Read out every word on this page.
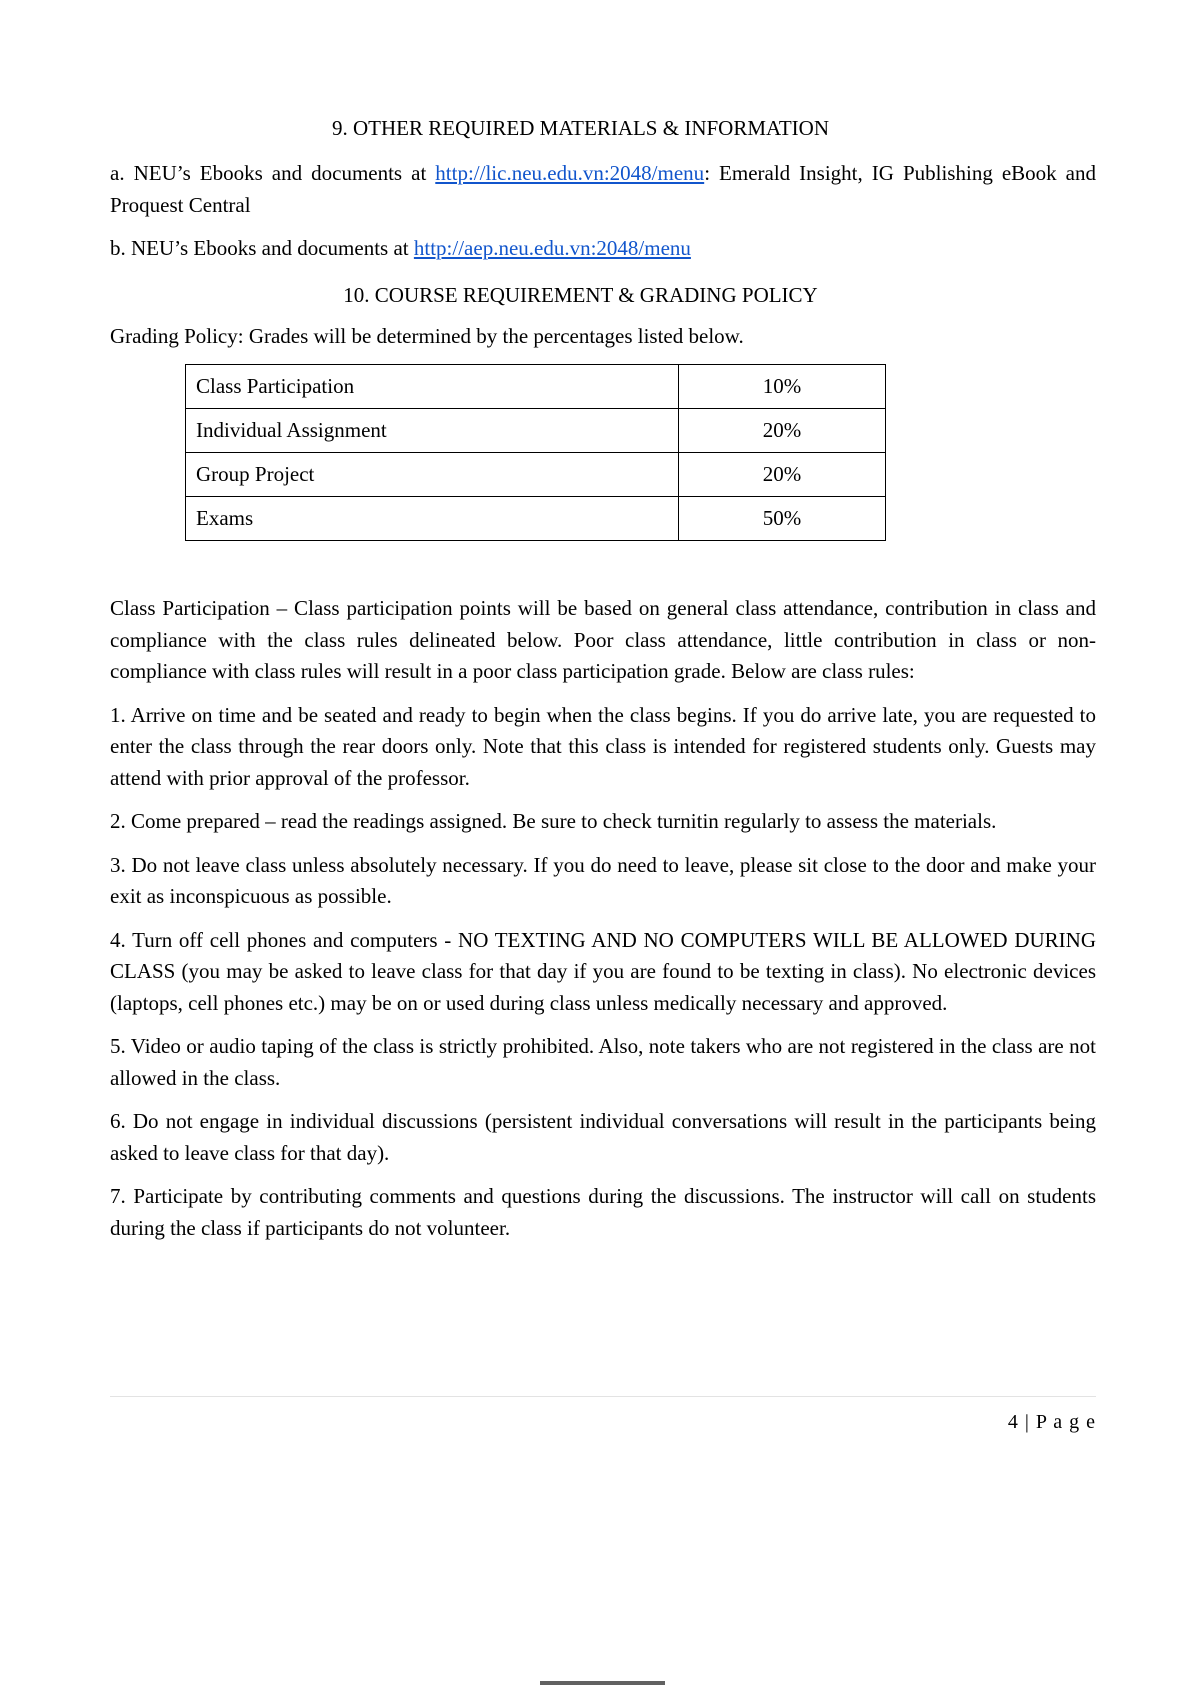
9. OTHER REQUIRED MATERIALS & INFORMATION

a. NEU’s Ebooks and documents at http://lic.neu.edu.vn:2048/menu: Emerald Insight, IG Publishing eBook and Proquest Central

b. NEU’s Ebooks and documents at http://aep.neu.edu.vn:2048/menu

10. COURSE REQUIREMENT & GRADING POLICY

Grading Policy: Grades will be determined by the percentages listed below.

Class Participation	10%
Individual Assignment	20%
Group Project	20%
Exams	50%

Class Participation – Class participation points will be based on general class attendance, contribution in class and compliance with the class rules delineated below. Poor class attendance, little contribution in class or non-compliance with class rules will result in a poor class participation grade. Below are class rules:

1. Arrive on time and be seated and ready to begin when the class begins. If you do arrive late, you are requested to enter the class through the rear doors only. Note that this class is intended for registered students only. Guests may attend with prior approval of the professor.

2. Come prepared – read the readings assigned. Be sure to check turnitin regularly to assess the materials.

3. Do not leave class unless absolutely necessary. If you do need to leave, please sit close to the door and make your exit as inconspicuous as possible.

4. Turn off cell phones and computers - NO TEXTING AND NO COMPUTERS WILL BE ALLOWED DURING CLASS (you may be asked to leave class for that day if you are found to be texting in class). No electronic devices (laptops, cell phones etc.) may be on or used during class unless medically necessary and approved.

5. Video or audio taping of the class is strictly prohibited. Also, note takers who are not registered in the class are not allowed in the class.

6. Do not engage in individual discussions (persistent individual conversations will result in the participants being asked to leave class for that day).

7. Participate by contributing comments and questions during the discussions. The instructor will call on students during the class if participants do not volunteer.

4 | P a g e
